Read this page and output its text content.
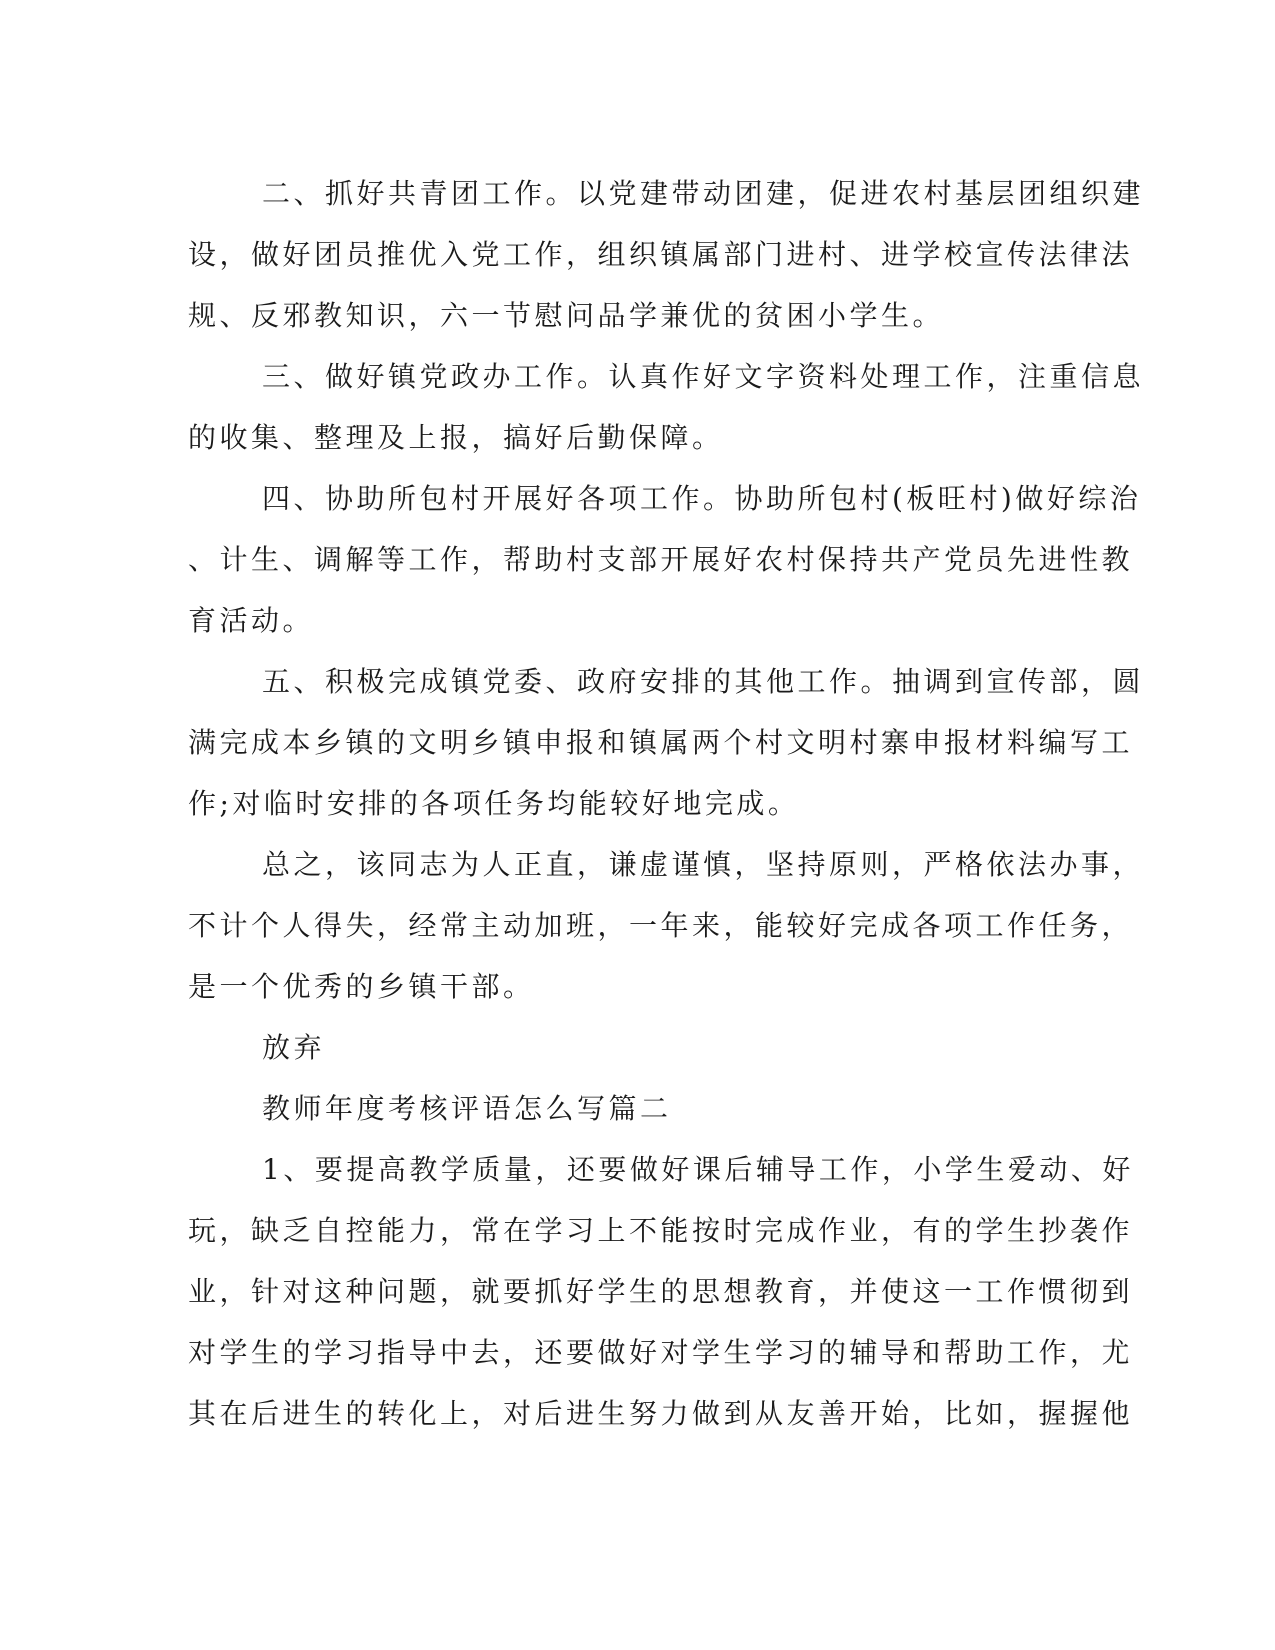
二、抓好共青团工作。以党建带动团建，促进农村基层团组织建
设，做好团员推优入党工作，组织镇属部门进村、进学校宣传法律法
规、反邪教知识，六一节慰问品学兼优的贫困小学生。

三、做好镇党政办工作。认真作好文字资料处理工作，注重信息
的收集、整理及上报，搞好后勤保障。

四、协助所包村开展好各项工作。协助所包村(板旺村)做好综治
、计生、调解等工作，帮助村支部开展好农村保持共产党员先进性教
育活动。

五、积极完成镇党委、政府安排的其他工作。抽调到宣传部，圆
满完成本乡镇的文明乡镇申报和镇属两个村文明村寨申报材料编写工
作;对临时安排的各项任务均能较好地完成。

总之，该同志为人正直，谦虚谨慎，坚持原则，严格依法办事，
不计个人得失，经常主动加班，一年来，能较好完成各项工作任务，
是一个优秀的乡镇干部。

放弃

教师年度考核评语怎么写篇二

1、要提高教学质量，还要做好课后辅导工作，小学生爱动、好
玩，缺乏自控能力，常在学习上不能按时完成作业，有的学生抄袭作
业，针对这种问题，就要抓好学生的思想教育，并使这一工作惯彻到
对学生的学习指导中去，还要做好对学生学习的辅导和帮助工作，尤
其在后进生的转化上，对后进生努力做到从友善开始，比如，握握他
